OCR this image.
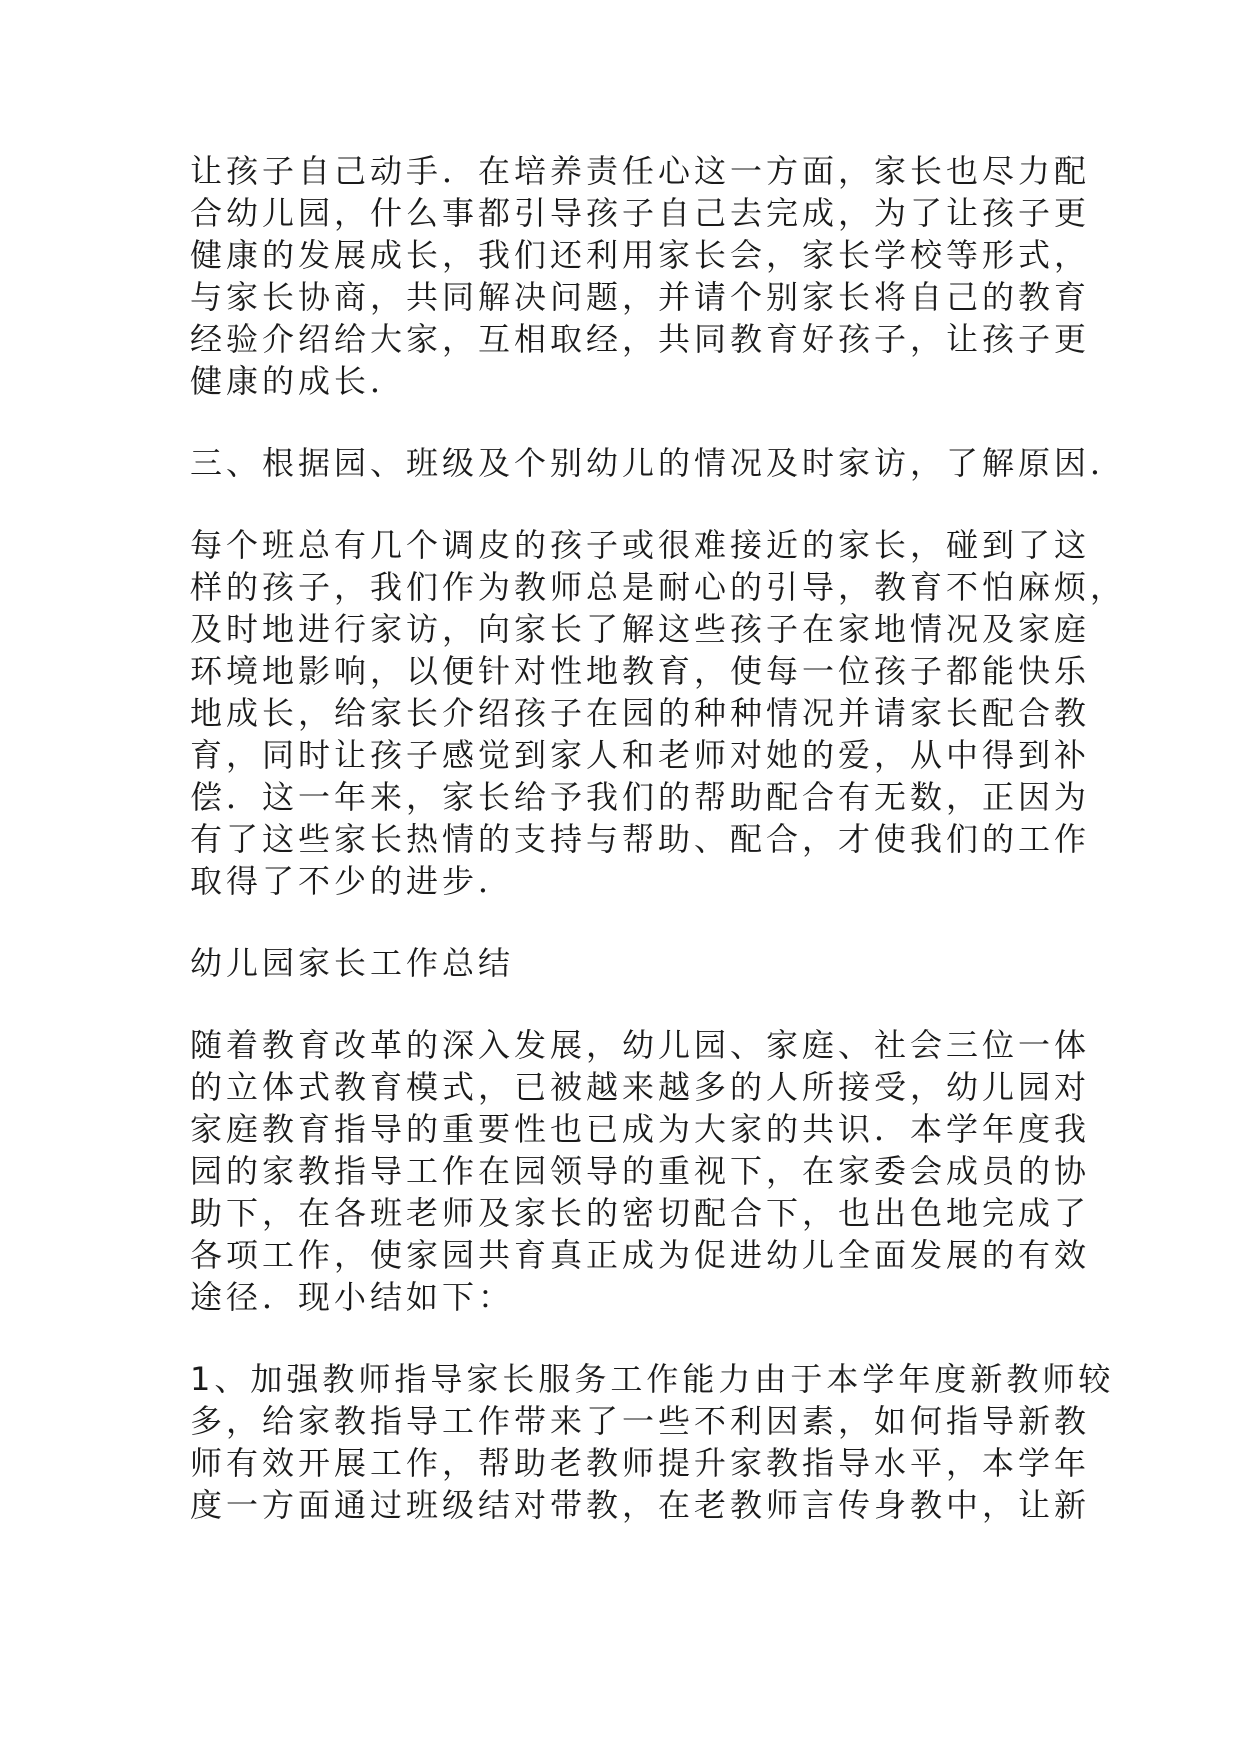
让孩子自己动手．在培养责任心这一方面，家长也尽力配
合幼儿园，什么事都引导孩子自己去完成，为了让孩子更
健康的发展成长，我们还利用家长会，家长学校等形式，
与家长协商，共同解决问题，并请个别家长将自己的教育
经验介绍给大家，互相取经，共同教育好孩子，让孩子更
健康的成长．
三、根据园、班级及个别幼儿的情况及时家访，了解原因．
每个班总有几个调皮的孩子或很难接近的家长，碰到了这
样的孩子，我们作为教师总是耐心的引导，教育不怕麻烦，
及时地进行家访，向家长了解这些孩子在家地情况及家庭
环境地影响，以便针对性地教育，使每一位孩子都能快乐
地成长，给家长介绍孩子在园的种种情况并请家长配合教
育，同时让孩子感觉到家人和老师对她的爱，从中得到补
偿．这一年来，家长给予我们的帮助配合有无数，正因为
有了这些家长热情的支持与帮助、配合，才使我们的工作
取得了不少的进步．
幼儿园家长工作总结
随着教育改革的深入发展，幼儿园、家庭、社会三位一体
的立体式教育模式，已被越来越多的人所接受，幼儿园对
家庭教育指导的重要性也已成为大家的共识．本学年度我
园的家教指导工作在园领导的重视下，在家委会成员的协
助下，在各班老师及家长的密切配合下，也出色地完成了
各项工作，使家园共育真正成为促进幼儿全面发展的有效
途径．现小结如下：
1、加强教师指导家长服务工作能力由于本学年度新教师较
多，给家教指导工作带来了一些不利因素，如何指导新教
师有效开展工作，帮助老教师提升家教指导水平，本学年
度一方面通过班级结对带教，在老教师言传身教中，让新
